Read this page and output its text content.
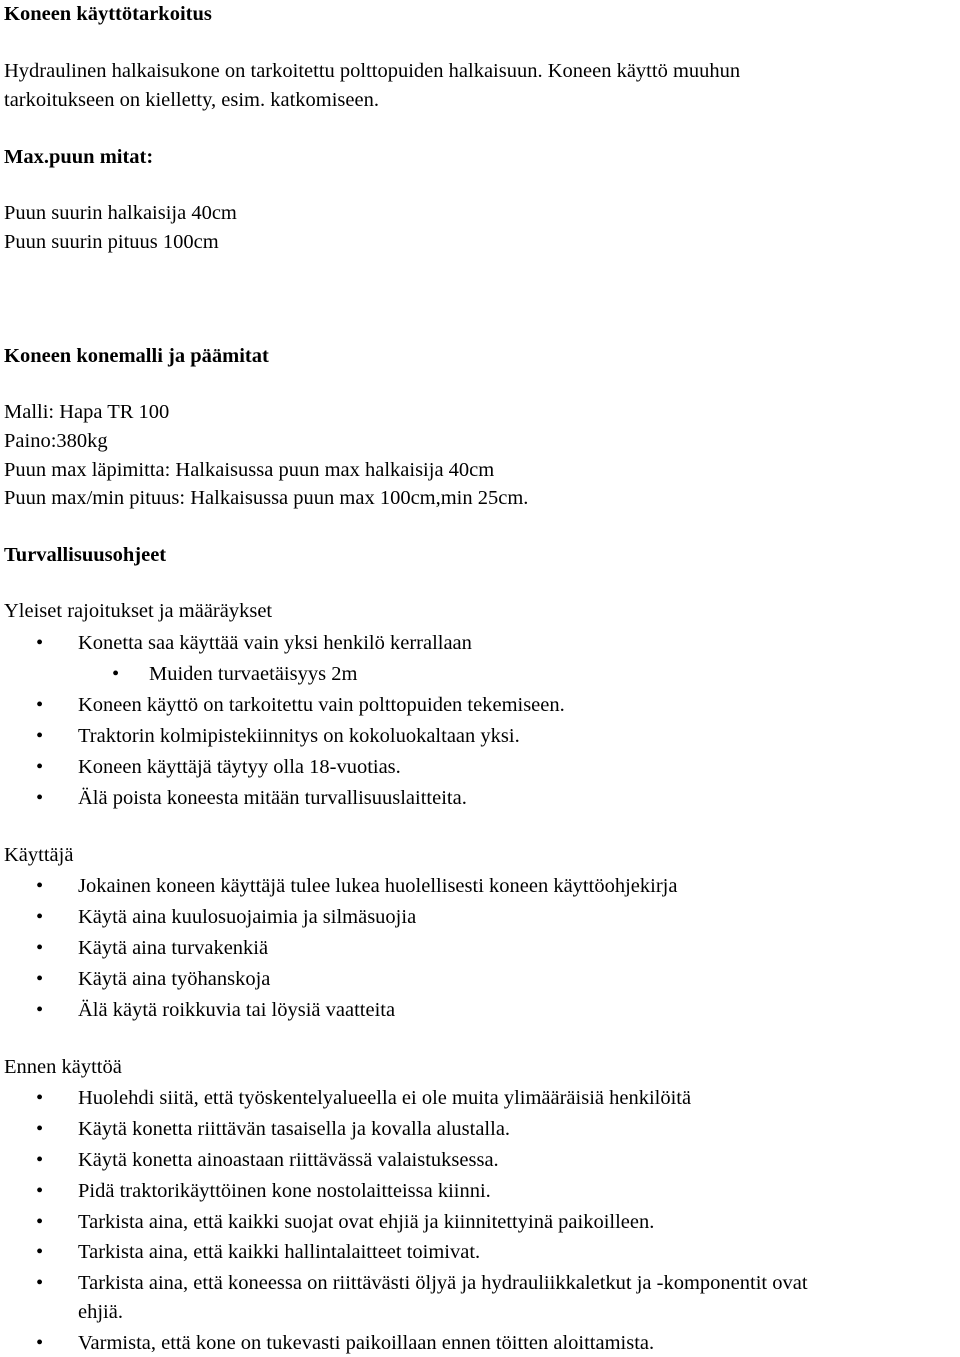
Koneen käyttötarkoitus
Hydraulinen halkaisukone on tarkoitettu polttopuiden halkaisuun. Koneen käyttö muuhun
tarkoitukseen on kielletty, esim. katkomiseen.
Max.puun mitat:
Puun suurin halkaisija 40cm
Puun suurin pituus 100cm
Koneen konemalli ja päämitat
Malli: Hapa TR 100
Paino:380kg
Puun max läpimitta: Halkaisussa puun max halkaisija 40cm
Puun max/min pituus: Halkaisussa puun max 100cm,min 25cm.
Turvallisuusohjeet
Yleiset rajoitukset ja määräykset
• Konetta saa käyttää vain yksi henkilö kerrallaan
• Muiden turvaetäisyys 2m
• Koneen käyttö on tarkoitettu vain polttopuiden tekemiseen.
• Traktorin kolmipistekiinnitys on kokoluokaltaan yksi.
• Koneen käyttäjä täytyy olla 18-vuotias.
• Älä poista koneesta mitään turvallisuuslaitteita.
Käyttäjä
• Jokainen koneen käyttäjä tulee lukea huolellisesti koneen käyttöohjekirja
• Käytä aina kuulosuojaimia ja silmäsuojia
• Käytä aina turvakenkiä
• Käytä aina työhanskoja
• Älä käytä roikkuvia tai löysiä vaatteita
Ennen käyttöä
• Huolehdi siitä, että työskentelyalueella ei ole muita ylimääräisiä henkilöitä
• Käytä konetta riittävän tasaisella ja kovalla alustalla.
• Käytä konetta ainoastaan riittävässä valaistuksessa.
• Pidä traktorikäyttöinen kone nostolaitteissa kiinni.
• Tarkista aina, että kaikki suojat ovat ehjiä ja kiinnitettyinä paikoilleen.
• Tarkista aina, että kaikki hallintalaitteet toimivat.
• Tarkista aina, että koneessa on riittävästi öljyä ja hydrauliikkaletkut ja -komponentit ovat
ehjiä.
• Varmista, että kone on tukevasti paikoillaan ennen töitten aloittamista.
